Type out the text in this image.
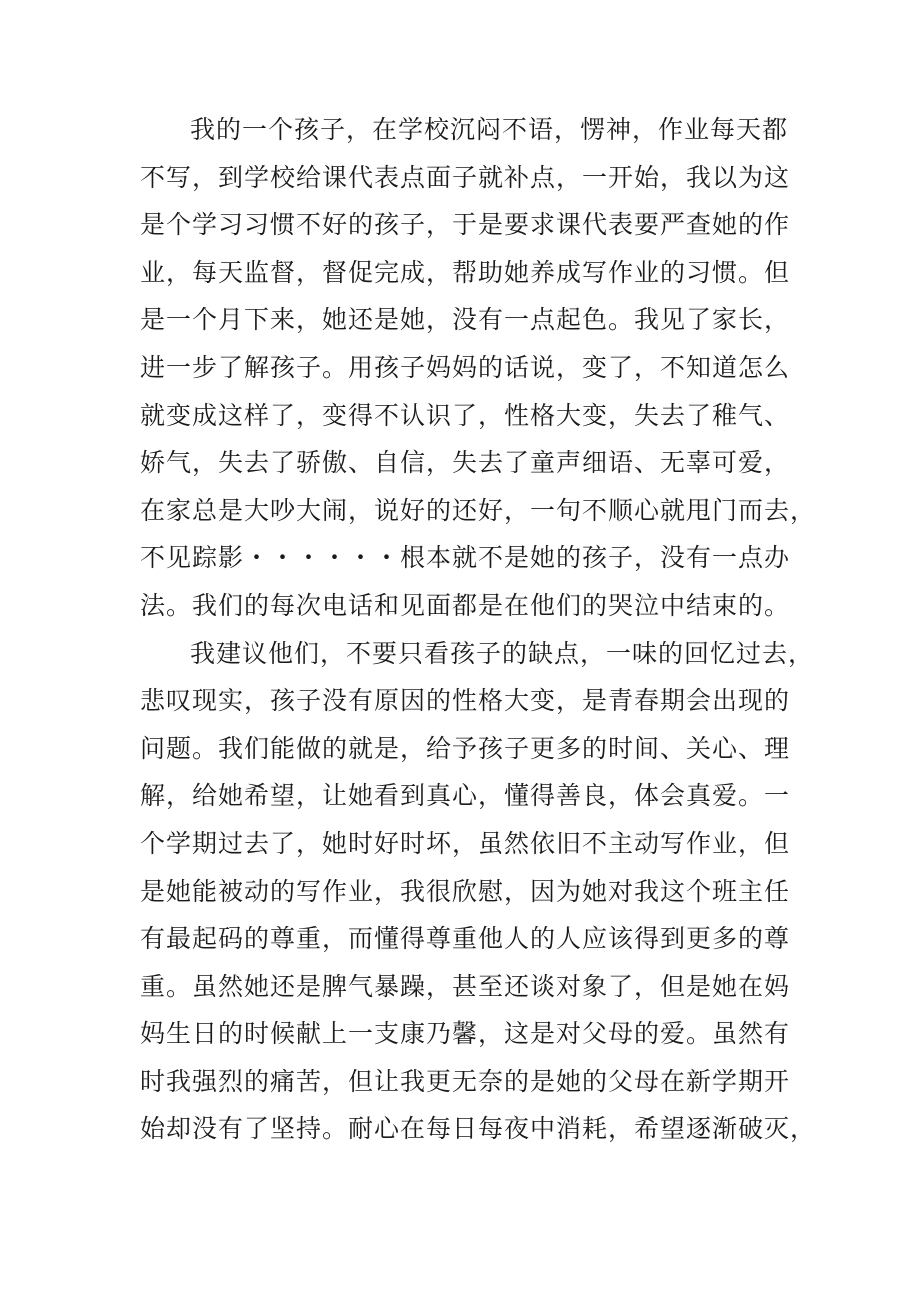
我的一个孩子，在学校沉闷不语，愣神，作业每天都
不写，到学校给课代表点面子就补点，一开始，我以为这
是个学习习惯不好的孩子，于是要求课代表要严查她的作
业，每天监督，督促完成，帮助她养成写作业的习惯。但
是一个月下来，她还是她，没有一点起色。我见了家长，
进一步了解孩子。用孩子妈妈的话说，变了，不知道怎么
就变成这样了，变得不认识了，性格大变，失去了稚气、
娇气，失去了骄傲、自信，失去了童声细语、无辜可爱，
在家总是大吵大闹，说好的还好，一句不顺心就甩门而去，
不见踪影・・・・・・根本就不是她的孩子，没有一点办
法。我们的每次电话和见面都是在他们的哭泣中结束的。
我建议他们，不要只看孩子的缺点，一味的回忆过去，
悲叹现实，孩子没有原因的性格大变，是青春期会出现的
问题。我们能做的就是，给予孩子更多的时间、关心、理
解，给她希望，让她看到真心，懂得善良，体会真爱。一
个学期过去了，她时好时坏，虽然依旧不主动写作业，但
是她能被动的写作业，我很欣慰，因为她对我这个班主任
有最起码的尊重，而懂得尊重他人的人应该得到更多的尊
重。虽然她还是脾气暴躁，甚至还谈对象了，但是她在妈
妈生日的时候献上一支康乃馨，这是对父母的爱。虽然有
时我强烈的痛苦，但让我更无奈的是她的父母在新学期开
始却没有了坚持。耐心在每日每夜中消耗，希望逐渐破灭，
